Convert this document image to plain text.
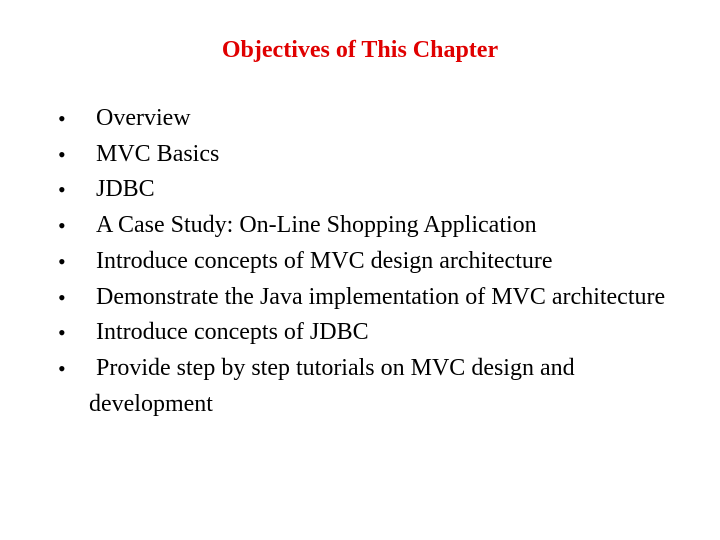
Objectives of This Chapter
•	Overview
•	MVC Basics
•	JDBC
•	A Case Study: On-Line Shopping Application
•	Introduce concepts of MVC design architecture
•	Demonstrate the Java implementation of MVC architecture
•	Introduce concepts of JDBC
•	Provide step by step tutorials on MVC design and development
